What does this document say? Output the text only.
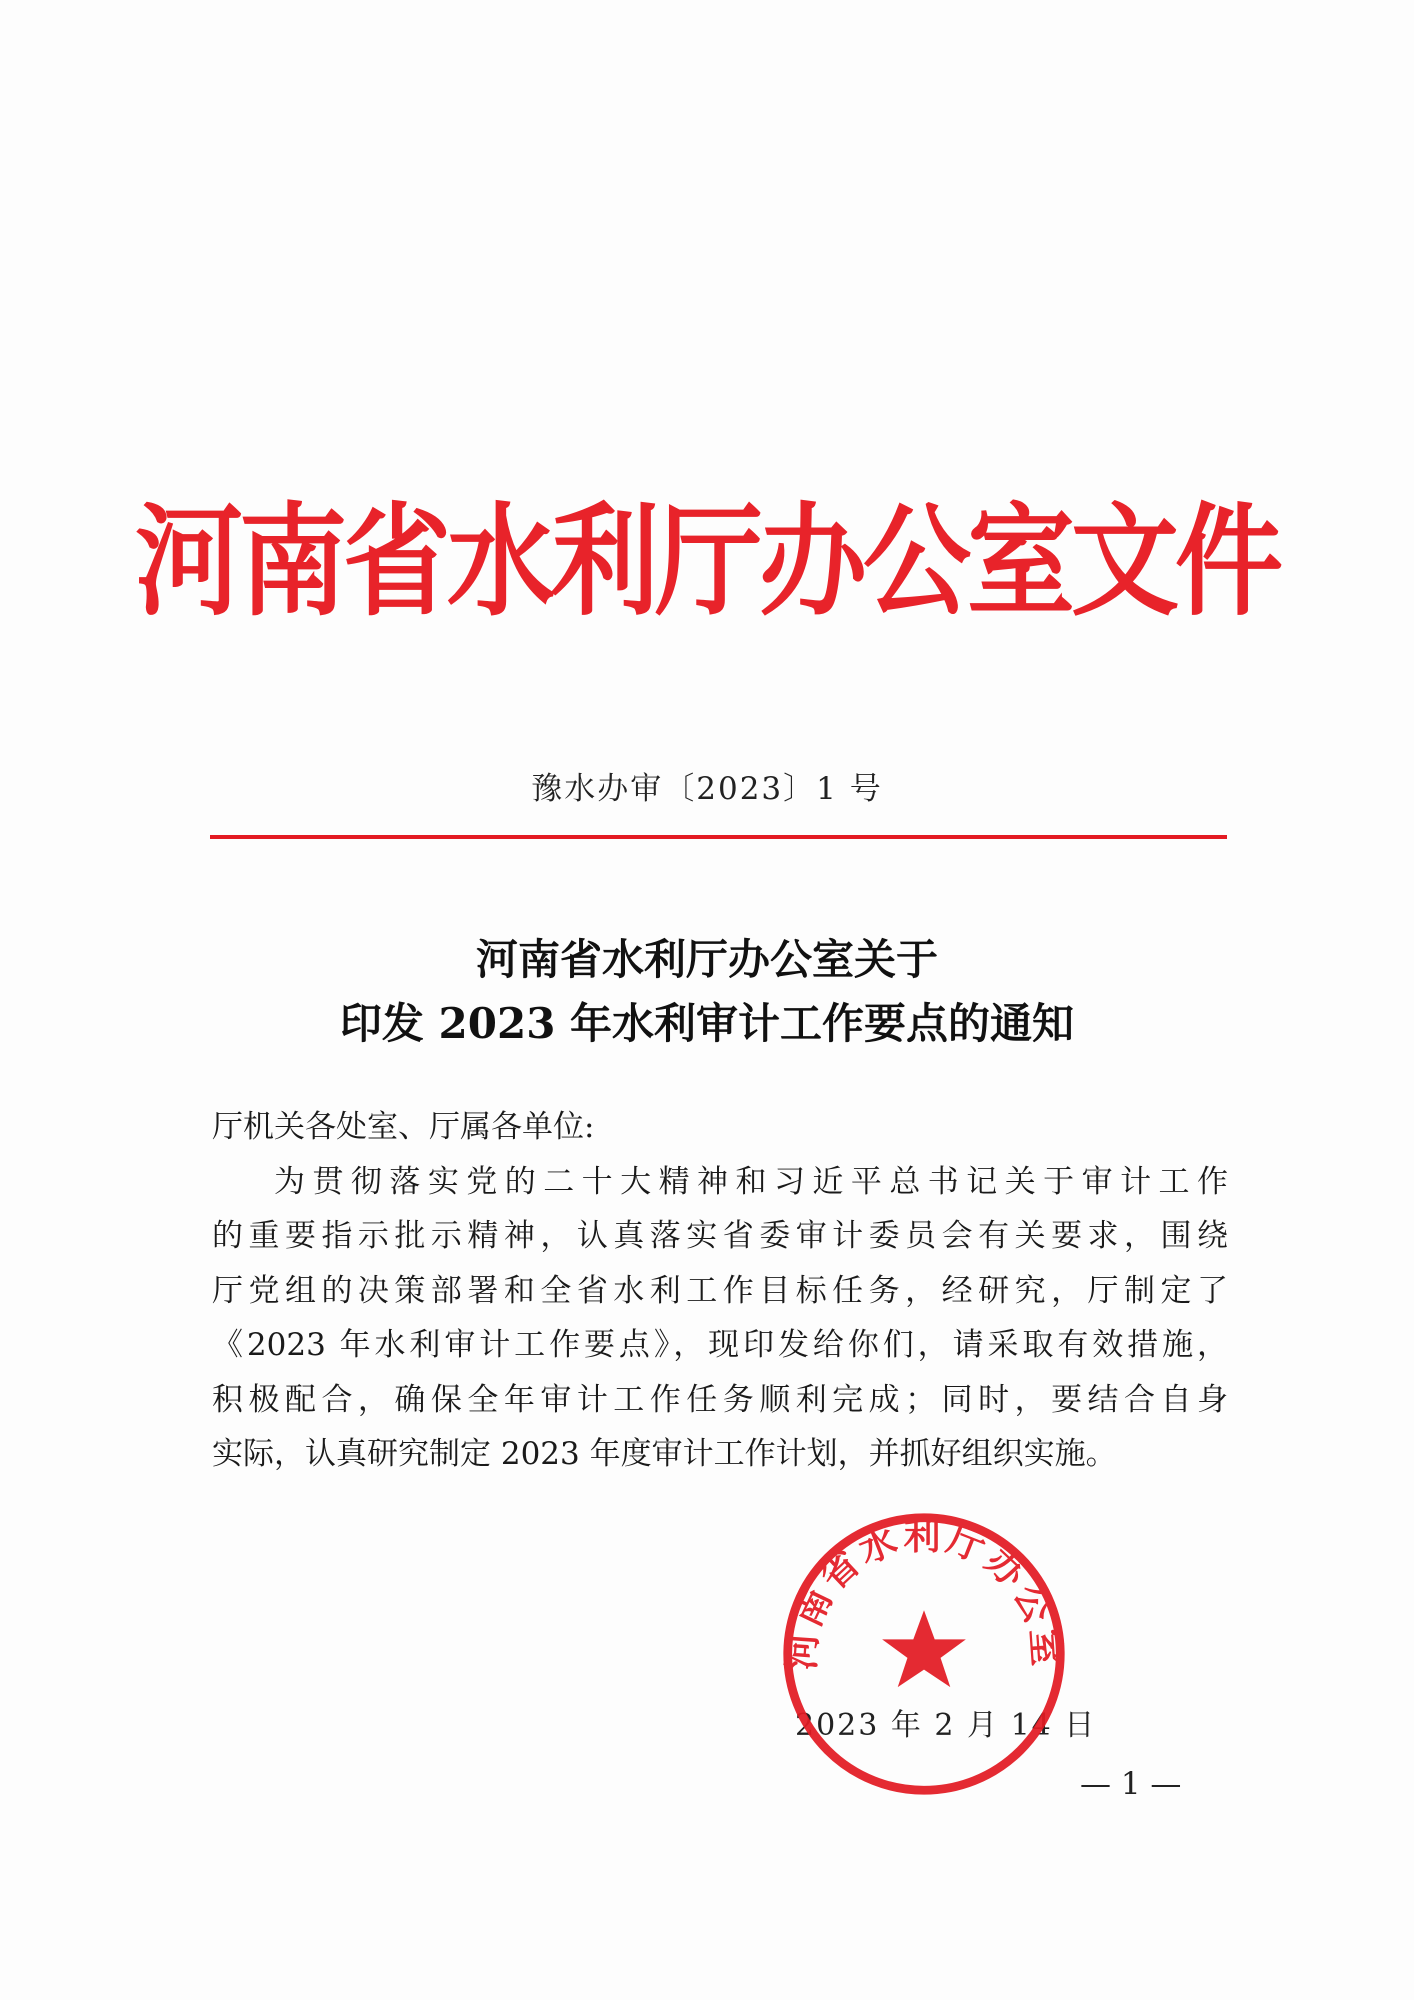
河南省水利厅办公室文件
豫水办审〔2023〕1 号
河南省水利厅办公室关于
印发 2023 年水利审计工作要点的通知

厅机关各处室、厅属各单位:

为贯彻落实党的二十大精神和习近平总书记关于审计工作

的重要指示批示精神，认真落实省委审计委员会有关要求，围绕

厅党组的决策部署和全省水利工作目标任务，经研究，厅制定了

《2023 年水利审计工作要点》，现印发给你们，请采取有效措施，

积极配合，确保全年审计工作任务顺利完成；同时，要结合自身

实际，认真研究制定 2023 年度审计工作计划，并抓好组织实施。

2023 年 2 月 14 日
河南省水利厅办公室
— 1 —
